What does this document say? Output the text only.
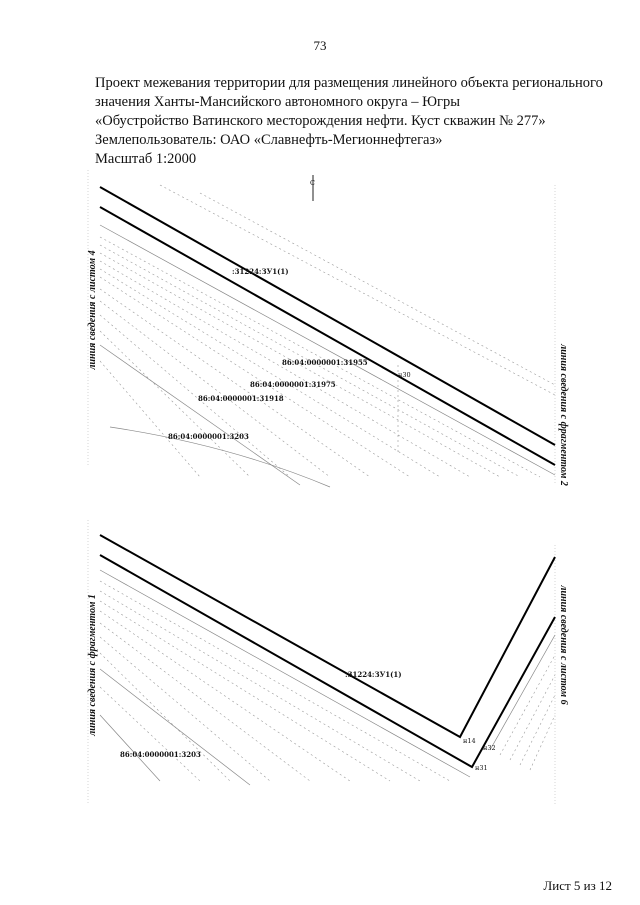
73
Проект межевания территории для размещения линейного объекта регионального
значения Ханты-Мансийского автономного округа – Югры
«Обустройство Ватинского месторождения нефти. Куст скважин № 277»
Землепользователь: ОАО «Славнефть-Мегионнефтегаз»
Масштаб 1:2000
С
:31224:ЗУ1(1)
86:04:0000001:31955
86:04:0000001:31975
86:04:0000001:31918
86:04:0000001:3203
н30
линия сведения с листом 4
линия сведения с фрагментом 2
:31224:ЗУ1(1)
86:04:0000001:3203
н14
н32
н31
линия сведения с фрагментом 1	линия сведения с листом 6
Лист 5 из 12
